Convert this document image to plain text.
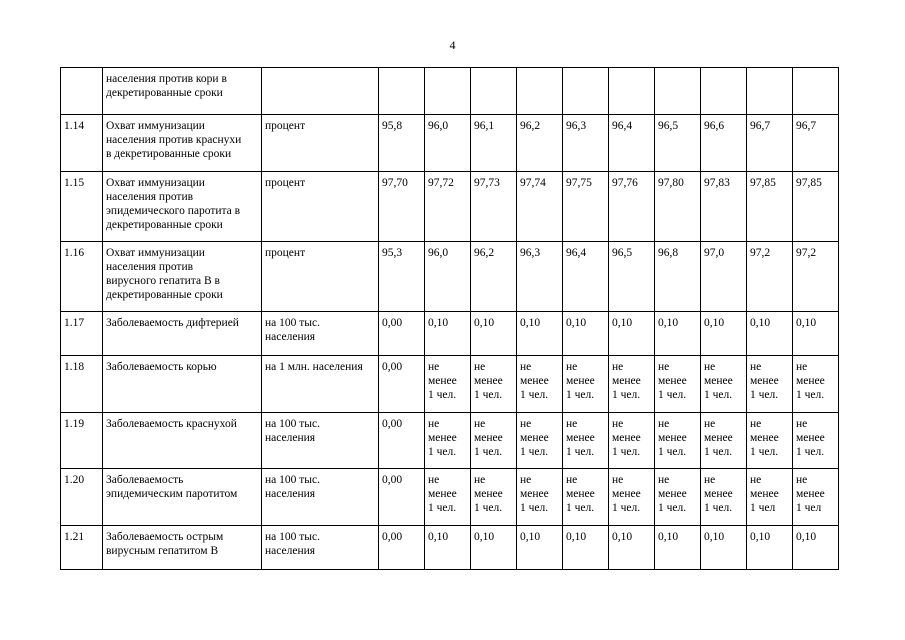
4
	населения против кори в
декретированные сроки											
1.14	Охват иммунизации
населения против краснухи
в декретированные сроки	процент	95,8	96,0	96,1	96,2	96,3	96,4	96,5	96,6	96,7	96,7
1.15	Охват иммунизации
населения против
эпидемического паротита в
декретированные сроки	процент	97,70	97,72	97,73	97,74	97,75	97,76	97,80	97,83	97,85	97,85
1.16	Охват иммунизации
населения против
вирусного гепатита В в
декретированные сроки	процент	95,3	96,0	96,2	96,3	96,4	96,5	96,8	97,0	97,2	97,2
1.17	Заболеваемость дифтерией	на 100 тыс.
населения	0,00	0,10	0,10	0,10	0,10	0,10	0,10	0,10	0,10	0,10
1.18	Заболеваемость корью	на 1 млн. населения	0,00	не
менее
1 чел.	не
менее
1 чел.	не
менее
1 чел.	не
менее
1 чел.	не
менее
1 чел.	не
менее
1 чел.	не
менее
1 чел.	не
менее
1 чел.	не
менее
1 чел.
1.19	Заболеваемость краснухой	на 100 тыс.
населения	0,00	не
менее
1 чел.	не
менее
1 чел.	не
менее
1 чел.	не
менее
1 чел.	не
менее
1 чел.	не
менее
1 чел.	не
менее
1 чел.	не
менее
1 чел.	не
менее
1 чел.
1.20	Заболеваемость
эпидемическим паротитом	на 100 тыс.
населения	0,00	не
менее
1 чел.	не
менее
1 чел.	не
менее
1 чел.	не
менее
1 чел.	не
менее
1 чел.	не
менее
1 чел.	не
менее
1 чел.	не
менее
1 чел	не
менее
1 чел
1.21	Заболеваемость острым
вирусным гепатитом В	на 100 тыс.
населения	0,00	0,10	0,10	0,10	0,10	0,10	0,10	0,10	0,10	0,10
